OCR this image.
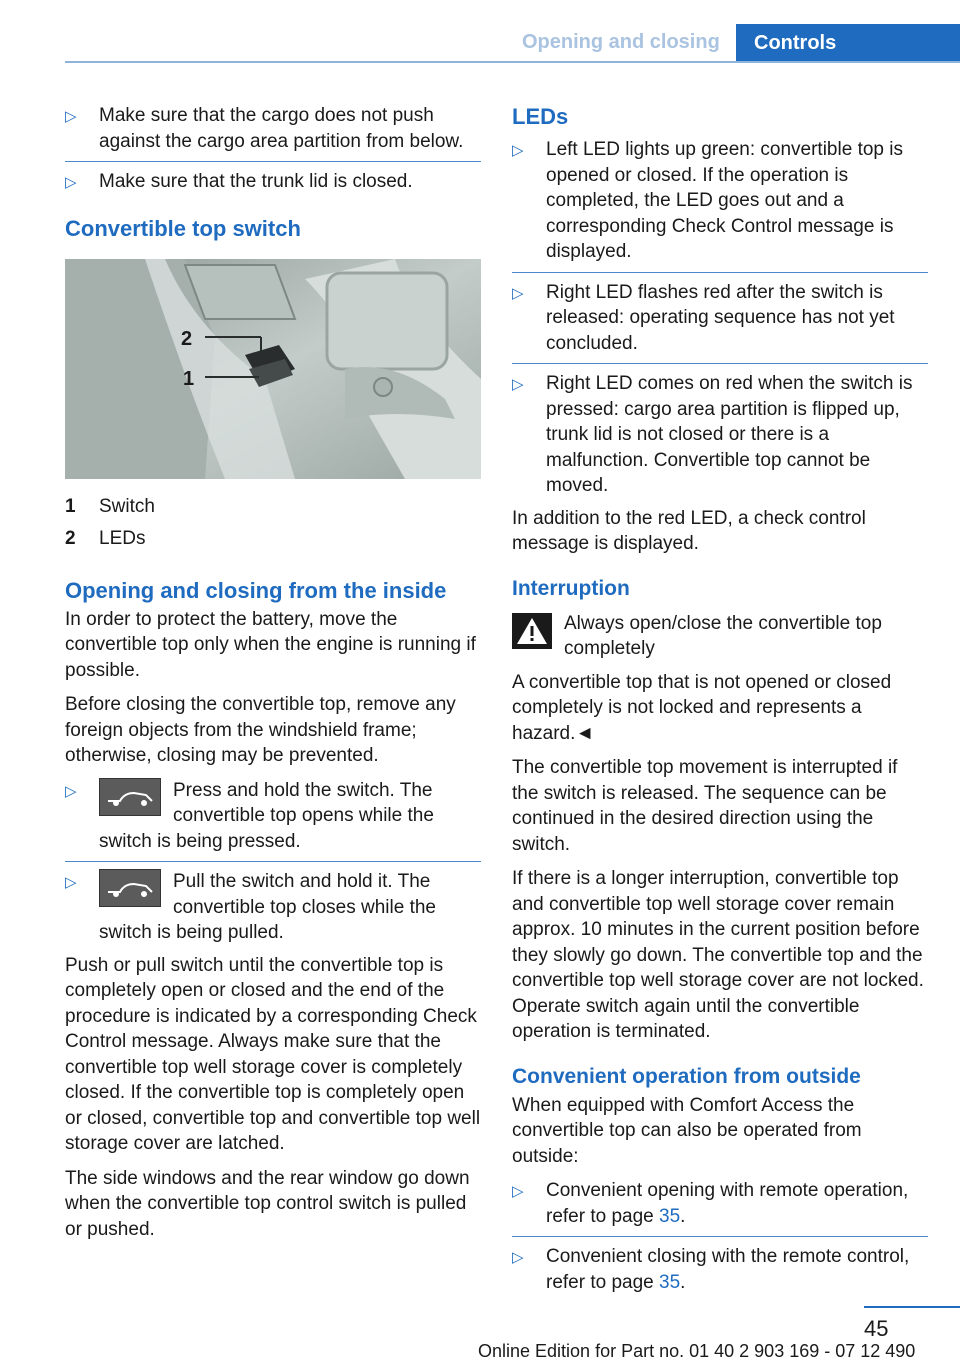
Opening and closing	Controls
▷ Make sure that the cargo does not push against the cargo area partition from below.
▷ Make sure that the trunk lid is closed.
Convertible top switch
2
1
1 Switch
2 LEDs
Opening and closing from the inside
In order to protect the battery, move the convertible top only when the engine is running if possible.
Before closing the convertible top, remove any foreign objects from the windshield frame; otherwise, closing may be prevented.
▷	Press and hold the switch. The convertible top opens while the switch is being pressed.
▷	Pull the switch and hold it. The convertible top closes while the switch is being pulled.
Push or pull switch until the convertible top is completely open or closed and the end of the procedure is indicated by a corresponding Check Control message. Always make sure that the convertible top well storage cover is completely closed. If the convertible top is completely open or closed, convertible top and convertible top well storage cover are latched.
The side windows and the rear window go down when the convertible top control switch is pulled or pushed.
LEDs
▷ Left LED lights up green: convertible top is opened or closed. If the operation is completed, the LED goes out and a corresponding Check Control message is displayed.
▷ Right LED flashes red after the switch is released: operating sequence has not yet concluded.
▷ Right LED comes on red when the switch is pressed: cargo area partition is flipped up, trunk lid is not closed or there is a malfunction. Convertible top cannot be moved.
In addition to the red LED, a check control message is displayed.
Interruption
Always open/close the convertible top completely
A convertible top that is not opened or closed completely is not locked and represents a hazard.◄
The convertible top movement is interrupted if the switch is released. The sequence can be continued in the desired direction using the switch.
If there is a longer interruption, convertible top and convertible top well storage cover remain approx. 10 minutes in the current position before they slowly go down. The convertible top and the convertible top well storage cover are not locked. Operate switch again until the convertible operation is terminated.
Convenient operation from outside
When equipped with Comfort Access the convertible top can also be operated from outside:
▷ Convenient opening with remote operation, refer to page 35.
▷ Convenient closing with the remote control, refer to page 35.
45
Online Edition for Part no. 01 40 2 903 169 - 07 12 490
